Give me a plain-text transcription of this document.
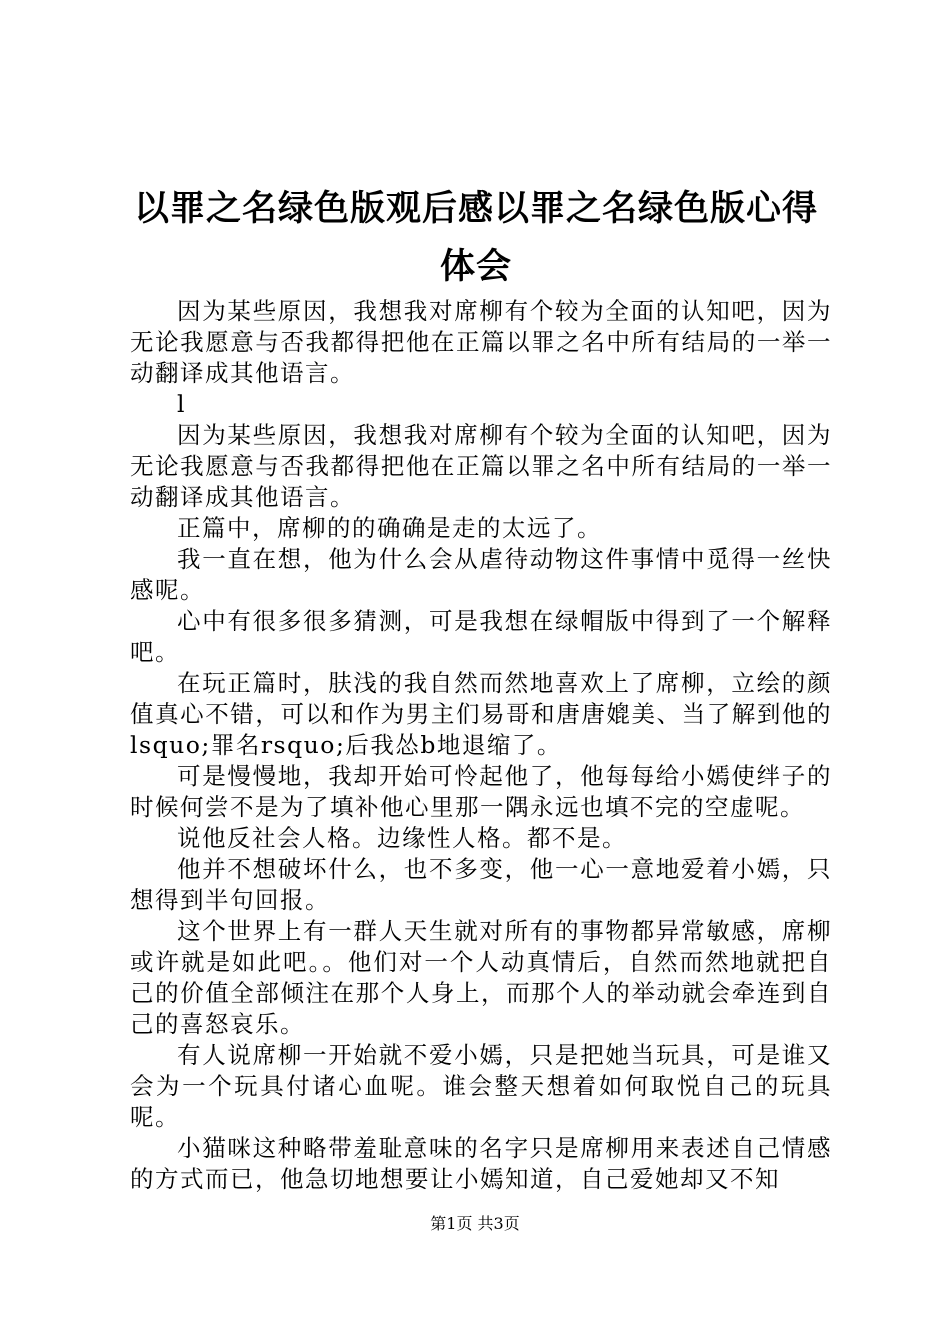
以罪之名绿色版观后感以罪之名绿色版心得体会

因为某些原因，我想我对席柳有个较为全面的认知吧，因为无论我愿意与否我都得把他在正篇以罪之名中所有结局的一举一动翻译成其他语言。

l

因为某些原因，我想我对席柳有个较为全面的认知吧，因为无论我愿意与否我都得把他在正篇以罪之名中所有结局的一举一动翻译成其他语言。

正篇中，席柳的的确确是走的太远了。

我一直在想，他为什么会从虐待动物这件事情中觅得一丝快感呢。

心中有很多很多猜测，可是我想在绿帽版中得到了一个解释吧。

在玩正篇时，肤浅的我自然而然地喜欢上了席柳，立绘的颜值真心不错，可以和作为男主们易哥和唐唐媲美、当了解到他的lsquo;罪名rsquo;后我怂b地退缩了。

可是慢慢地，我却开始可怜起他了，他每每给小嫣使绊子的时候何尝不是为了填补他心里那一隅永远也填不完的空虚呢。

说他反社会人格。边缘性人格。都不是。

他并不想破坏什么，也不多变，他一心一意地爱着小嫣，只想得到半句回报。

这个世界上有一群人天生就对所有的事物都异常敏感，席柳或许就是如此吧。。他们对一个人动真情后，自然而然地就把自己的价值全部倾注在那个人身上，而那个人的举动就会牵连到自己的喜怒哀乐。

有人说席柳一开始就不爱小嫣，只是把她当玩具，可是谁又会为一个玩具付诸心血呢。谁会整天想着如何取悦自己的玩具呢。

小猫咪这种略带羞耻意味的名字只是席柳用来表述自己情感的方式而已，他急切地想要让小嫣知道，自己爱她却又不知

第1页 共3页
